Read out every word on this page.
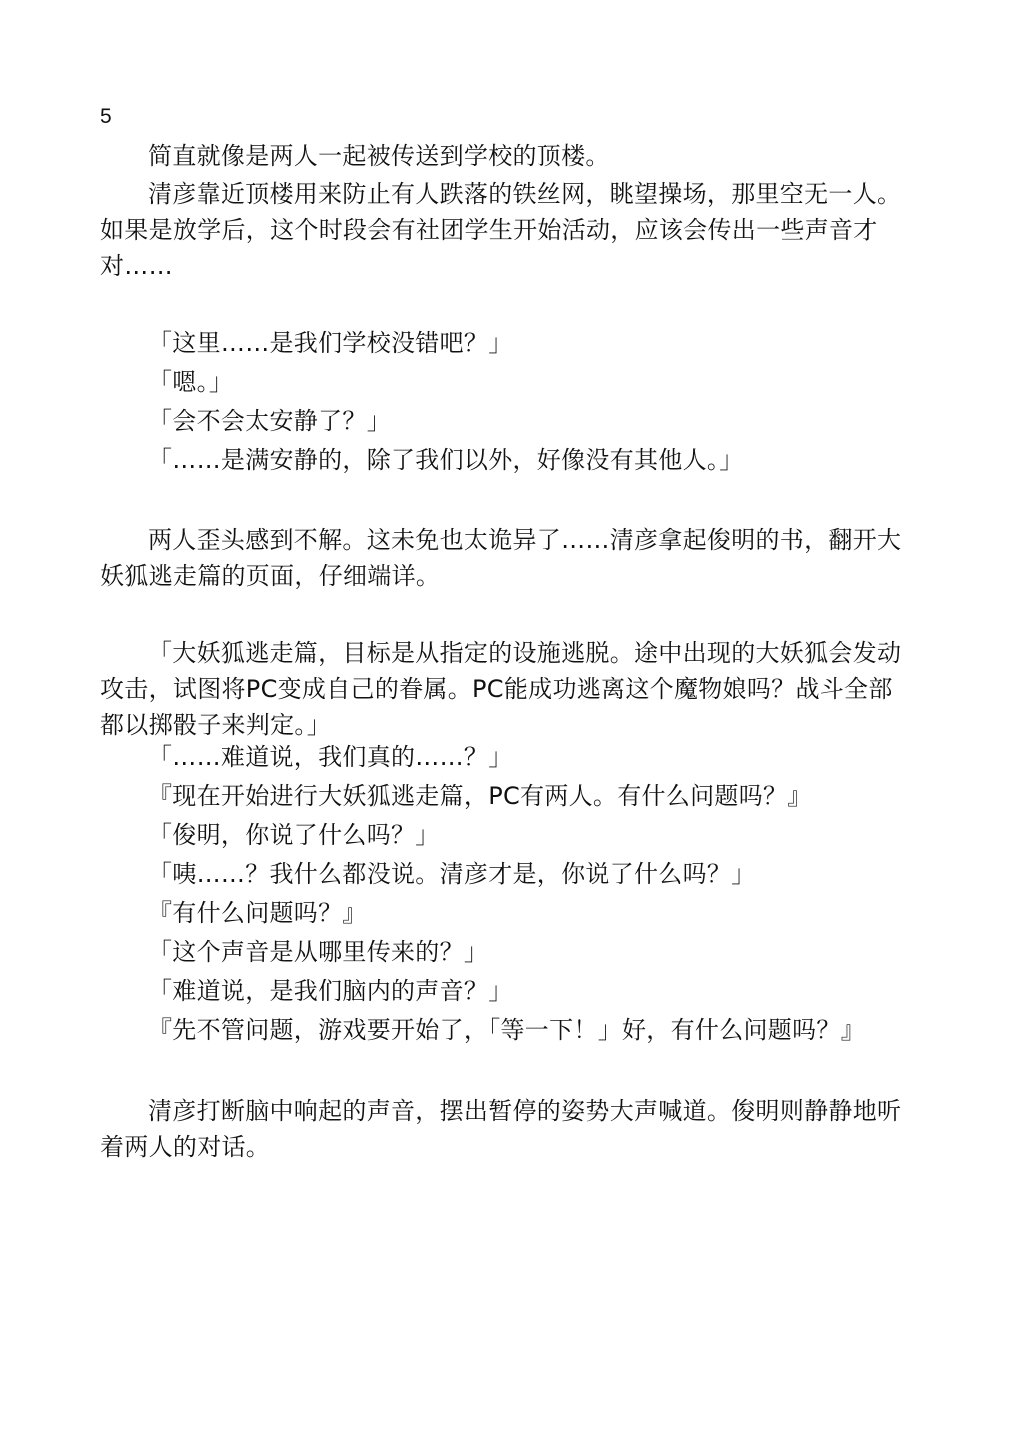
5

简直就像是两人一起被传送到学校的顶楼。

清彦靠近顶楼用来防止有人跌落的铁丝网，眺望操场，那里空无一人。如果是放学后，这个时段会有社团学生开始活动，应该会传出一些声音才对……

「这里……是我们学校没错吧？」

「嗯。」

「会不会太安静了？」

「……是满安静的，除了我们以外，好像没有其他人。」

两人歪头感到不解。这未免也太诡异了……清彦拿起俊明的书，翻开大妖狐逃走篇的页面，仔细端详。

「大妖狐逃走篇，目标是从指定的设施逃脱。途中出现的大妖狐会发动攻击，试图将PC变成自己的眷属。PC能成功逃离这个魔物娘吗？战斗全部都以掷骰子来判定。」

「……难道说，我们真的……？」

『现在开始进行大妖狐逃走篇，PC有两人。有什么问题吗？』

「俊明，你说了什么吗？」

「咦……？我什么都没说。清彦才是，你说了什么吗？」

『有什么问题吗？』

「这个声音是从哪里传来的？」

「难道说，是我们脑内的声音？」

『先不管问题，游戏要开始了，「等一下！」好，有什么问题吗？』

清彦打断脑中响起的声音，摆出暂停的姿势大声喊道。俊明则静静地听着两人的对话。
